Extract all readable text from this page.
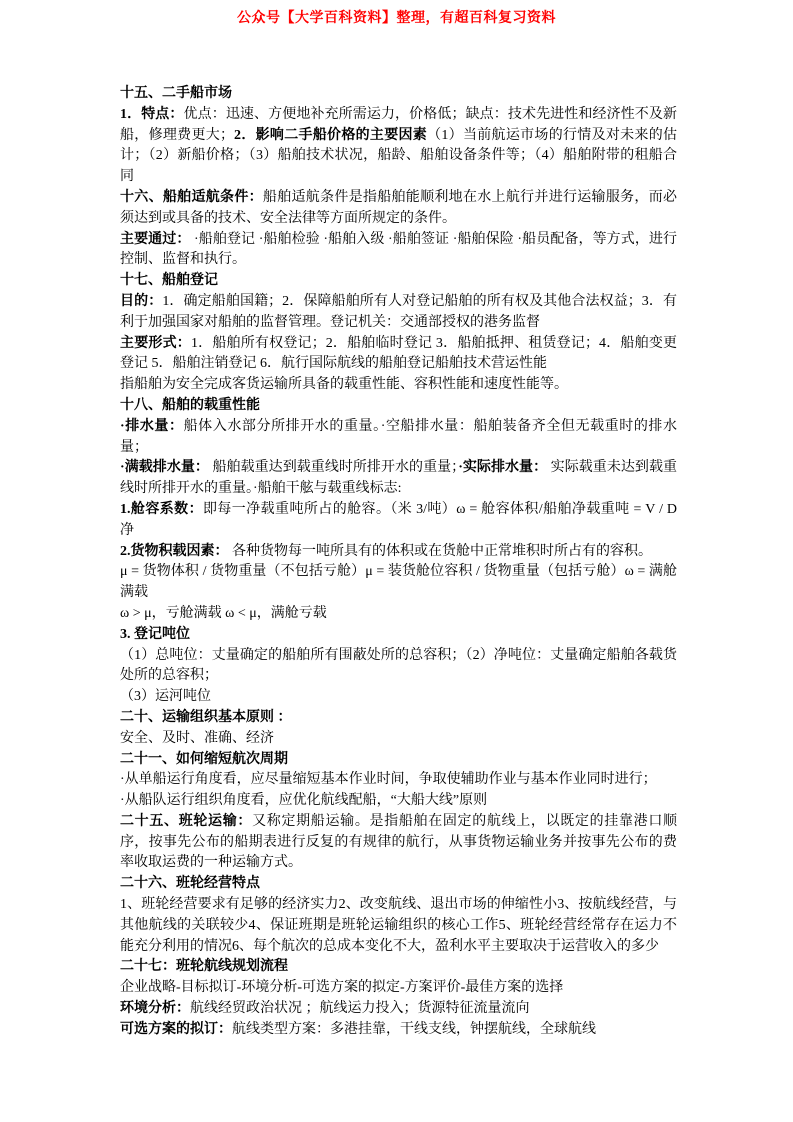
公众号【大学百科资料】整理，有超百科复习资料

十五、二手船市场

1．特点：优点：迅速、方便地补充所需运力，价格低；缺点：技术先进性和经济性不及新船，修理费更大；2．影响二手船价格的主要因素（1）当前航运市场的行情及对未来的估计；（2）新船价格；（3）船舶技术状况，船龄、船舶设备条件等；（4）船舶附带的租船合同

十六、船舶适航条件：船舶适航条件是指船舶能顺利地在水上航行并进行运输服务，而必须达到或具备的技术、安全法律等方面所规定的条件。

主要通过： ·船舶登记 ·船舶检验 ·船舶入级 ·船舶签证 ·船舶保险 ·船员配备，等方式，进行控制、监督和执行。

十七、船舶登记

目的：1．确定船舶国籍；2．保障船舶所有人对登记船舶的所有权及其他合法权益；3．有利于加强国家对船舶的监督管理。登记机关：交通部授权的港务监督

主要形式：1．船舶所有权登记；2．船舶临时登记 3．船舶抵押、租赁登记；4．船舶变更登记 5．船舶注销登记 6．航行国际航线的船舶登记船舶技术营运性能

指船舶为安全完成客货运输所具备的载重性能、容积性能和速度性能等。

十八、船舶的载重性能

·排水量：船体入水部分所排开水的重量。·空船排水量：船舶装备齐全但无载重时的排水量；

·满载排水量： 船舶载重达到载重线时所排开水的重量；·实际排水量： 实际载重未达到载重线时所排开水的重量。·船舶干舷与载重线标志:

1.舱容系数：即每一净载重吨所占的舱容。（米 3/吨）ω = 舱容体积/船舶净载重吨 = V / D 净

2.货物积载因素： 各种货物每一吨所具有的体积或在货舱中正常堆积时所占有的容积。

μ = 货物体积 / 货物重量（不包括亏舱）μ = 装货舱位容积 / 货物重量（包括亏舱）ω = 满舱满载

ω > μ，亏舱满载 ω < μ，满舱亏载

3. 登记吨位

（1）总吨位：丈量确定的船舶所有围蔽处所的总容积；（2）净吨位：丈量确定船舶各载货处所的总容积；

（3）运河吨位

二十、运输组织基本原则 ：

安全、及时、准确、经济

二十一、如何缩短航次周期

·从单船运行角度看，应尽量缩短基本作业时间，争取使辅助作业与基本作业同时进行；

·从船队运行组织角度看，应优化航线配船，“大船大线”原则

二十五、班轮运输：又称定期船运输。是指船舶在固定的航线上，以既定的挂靠港口顺序，按事先公布的船期表进行反复的有规律的航行，从事货物运输业务并按事先公布的费率收取运费的一种运输方式。

二十六、班轮经营特点

1、班轮经营要求有足够的经济实力2、改变航线、退出市场的伸缩性小3、按航线经营，与其他航线的关联较少4、保证班期是班轮运输组织的核心工作5、班轮经营经常存在运力不能充分利用的情况6、每个航次的总成本变化不大，盈利水平主要取决于运营收入的多少

二十七：班轮航线规划流程

企业战略-目标拟订-环境分析-可选方案的拟定-方案评价-最佳方案的选择

环境分析：航线经贸政治状况 ；航线运力投入；货源特征流量流向

可选方案的拟订：航线类型方案：多港挂靠，干线支线，钟摆航线，全球航线
